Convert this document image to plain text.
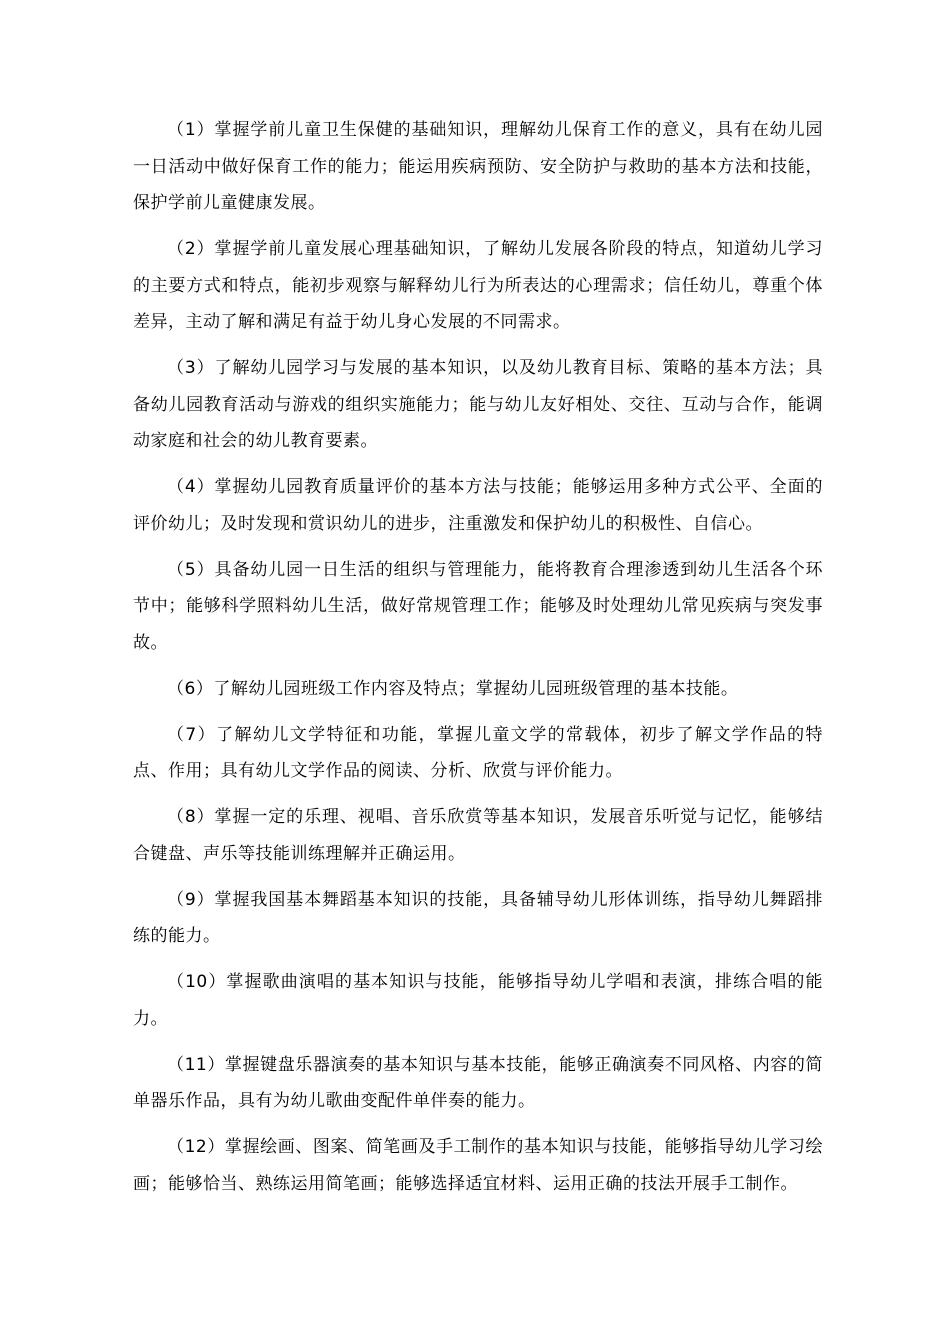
（1）掌握学前儿童卫生保健的基础知识，理解幼儿保育工作的意义，具有在幼儿园一日活动中做好保育工作的能力；能运用疾病预防、安全防护与救助的基本方法和技能，保护学前儿童健康发展。

（2）掌握学前儿童发展心理基础知识，了解幼儿发展各阶段的特点，知道幼儿学习的主要方式和特点，能初步观察与解释幼儿行为所表达的心理需求；信任幼儿，尊重个体差异，主动了解和满足有益于幼儿身心发展的不同需求。

（3）了解幼儿园学习与发展的基本知识，以及幼儿教育目标、策略的基本方法；具备幼儿园教育活动与游戏的组织实施能力；能与幼儿友好相处、交往、互动与合作，能调动家庭和社会的幼儿教育要素。

（4）掌握幼儿园教育质量评价的基本方法与技能；能够运用多种方式公平、全面的评价幼儿；及时发现和赏识幼儿的进步，注重激发和保护幼儿的积极性、自信心。

（5）具备幼儿园一日生活的组织与管理能力，能将教育合理渗透到幼儿生活各个环节中；能够科学照料幼儿生活，做好常规管理工作；能够及时处理幼儿常见疾病与突发事故。

（6）了解幼儿园班级工作内容及特点；掌握幼儿园班级管理的基本技能。

（7）了解幼儿文学特征和功能，掌握儿童文学的常载体，初步了解文学作品的特点、作用；具有幼儿文学作品的阅读、分析、欣赏与评价能力。

（8）掌握一定的乐理、视唱、音乐欣赏等基本知识，发展音乐听觉与记忆，能够结合键盘、声乐等技能训练理解并正确运用。

（9）掌握我国基本舞蹈基本知识的技能，具备辅导幼儿形体训练，指导幼儿舞蹈排练的能力。

（10）掌握歌曲演唱的基本知识与技能，能够指导幼儿学唱和表演，排练合唱的能力。

（11）掌握键盘乐器演奏的基本知识与基本技能，能够正确演奏不同风格、内容的简单器乐作品，具有为幼儿歌曲变配件单伴奏的能力。

（12）掌握绘画、图案、简笔画及手工制作的基本知识与技能，能够指导幼儿学习绘画；能够恰当、熟练运用简笔画；能够选择适宜材料、运用正确的技法开展手工制作。
